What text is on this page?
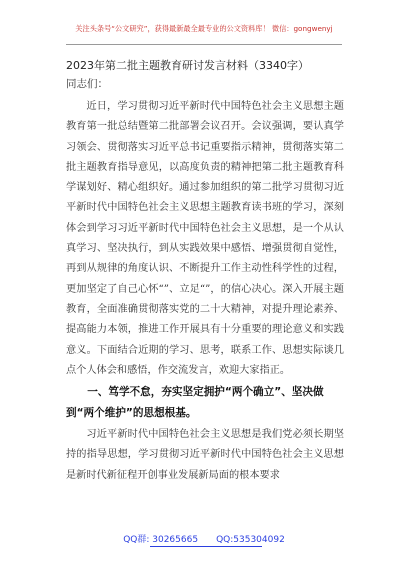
关注头条号“公文研究”，获得最新最全最专业的公文资料库！ 微信：gongwenyj
2023年第二批主题教育研讨发言材料（3340字）
同志们：

近日，学习贯彻习近平新时代中国特色社会主义思想主题教育第一批总结暨第二批部署会议召开。会议强调，要认真学习领会、贯彻落实习近平总书记重要指示精神，贯彻落实第二批主题教育指导意见，以高度负责的精神把第二批主题教育科学谋划好、精心组织好。通过参加组织的第二批学习贯彻习近平新时代中国特色社会主义思想主题教育读书班的学习，深刻体会到学习习近平新时代中国特色社会主义思想，是一个从认真学习、坚决执行，到从实践效果中感悟、增强贯彻自觉性，再到从规律的角度认识、不断提升工作主动性科学性的过程，更加坚定了自己心怀“”、立足“”，的信心决心。深入开展主题教育，全面准确贯彻落实党的二十大精神，对提升理论素养、提高能力本领，推进工作开展具有十分重要的理论意义和实践意义。下面结合近期的学习、思考，联系工作、思想实际谈几点个人体会和感悟，作交流发言，欢迎大家指正。

一、笃学不怠，夯实坚定拥护“两个确立”、坚决做到“两个维护”的思想根基。

习近平新时代中国特色社会主义思想是我们党必须长期坚持的指导思想，学习贯彻习近平新时代中国特色社会主义思想是新时代新征程开创事业发展新局面的根本要求

QQ群: 30265665 QQ:535304092
